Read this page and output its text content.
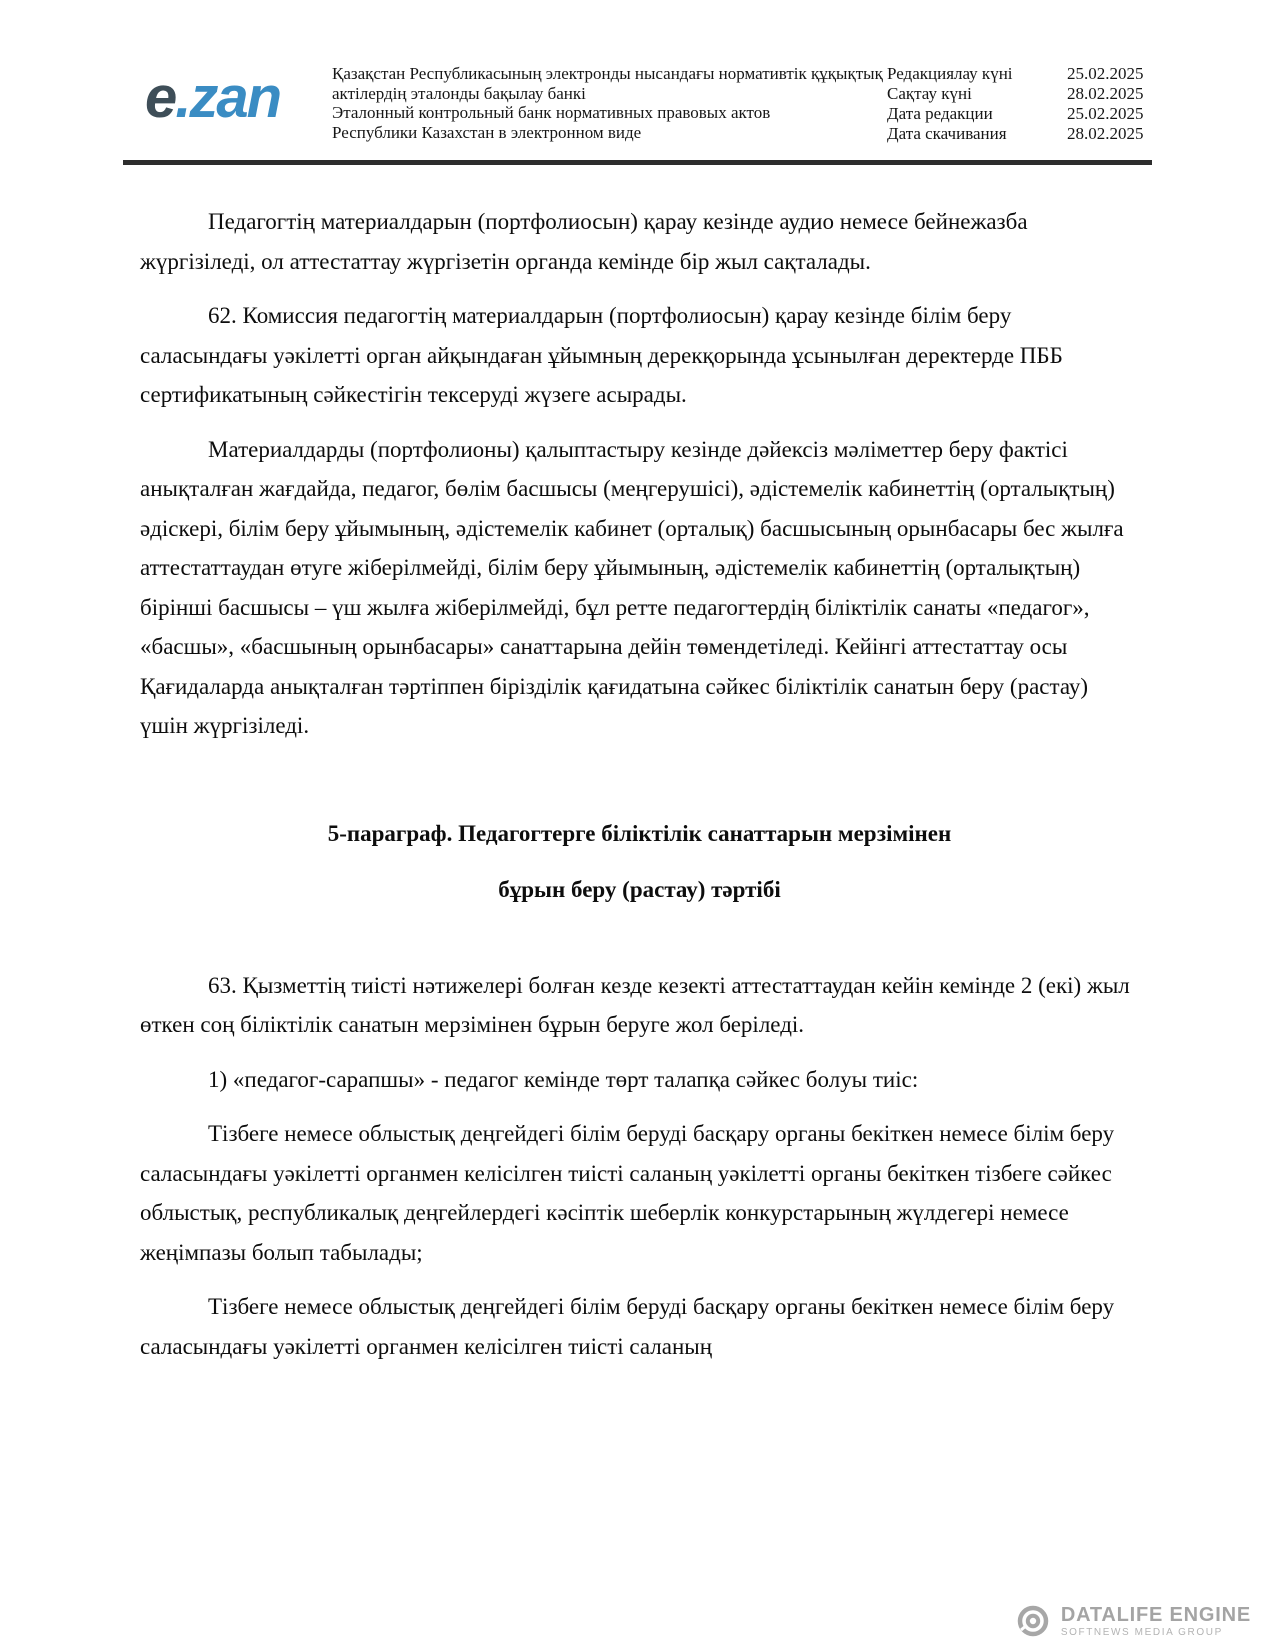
e.zan	Қазақстан Республикасының электронды нысандағы нормативтік құқықтық
актілердің эталонды бақылау банкі
Эталонный контрольный банк нормативных правовых актов
Республики Казахстан в электронном виде
Редакциялау күні	25.02.2025
Сақтау күні	28.02.2025
Дата редакции	25.02.2025
Дата скачивания	28.02.2025

Педагогтің материалдарын (портфолиосын) қарау кезінде аудио немесе бейнежазба жүргізіледі, ол аттестаттау жүргізетін органда кемінде бір жыл сақталады.

62. Комиссия педагогтің материалдарын (портфолиосын) қарау кезінде білім беру саласындағы уәкілетті орган айқындаған ұйымның дерекқорында ұсынылған деректерде ПББ сертификатының сәйкестігін тексеруді жүзеге асырады.

Материалдарды (портфолионы) қалыптастыру кезінде дәйексіз мәліметтер беру фактісі анықталған жағдайда, педагог, бөлім басшысы (меңгерушісі), әдістемелік кабинеттің (орталықтың) әдіскері, білім беру ұйымының, әдістемелік кабинет (орталық) басшысының орынбасары бес жылға аттестаттаудан өтуге жіберілмейді, білім беру ұйымының, әдістемелік кабинеттің (орталықтың) бірінші басшысы – үш жылға жіберілмейді, бұл ретте педагогтердің біліктілік санаты «педагог», «басшы», «басшының орынбасары» санаттарына дейін төмендетіледі. Кейінгі аттестаттау осы Қағидаларда анықталған тәртіппен бірізділік қағидатына сәйкес біліктілік санатын беру (растау) үшін жүргізіледі.

5-параграф. Педагогтерге біліктілік санаттарын мерзімінен
бұрын беру (растау) тәртібі

63. Қызметтің тиісті нәтижелері болған кезде кезекті аттестаттаудан кейін кемінде 2 (екі) жыл өткен соң біліктілік санатын мерзімінен бұрын беруге жол беріледі.

1) «педагог-сарапшы» - педагог кемінде төрт талапқа сәйкес болуы тиіс:

Тізбеге немесе облыстық деңгейдегі білім беруді басқару органы бекіткен немесе білім беру саласындағы уәкілетті органмен келісілген тиісті саланың уәкілетті органы бекіткен тізбеге сәйкес облыстық, республикалық деңгейлердегі кәсіптік шеберлік конкурстарының жүлдегері немесе жеңімпазы болып табылады;

Тізбеге немесе облыстық деңгейдегі білім беруді басқару органы бекіткен немесе білім беру саласындағы уәкілетті органмен келісілген тиісті саланың

DATALIFE ENGINE
SOFTNEWS MEDIA GROUP
